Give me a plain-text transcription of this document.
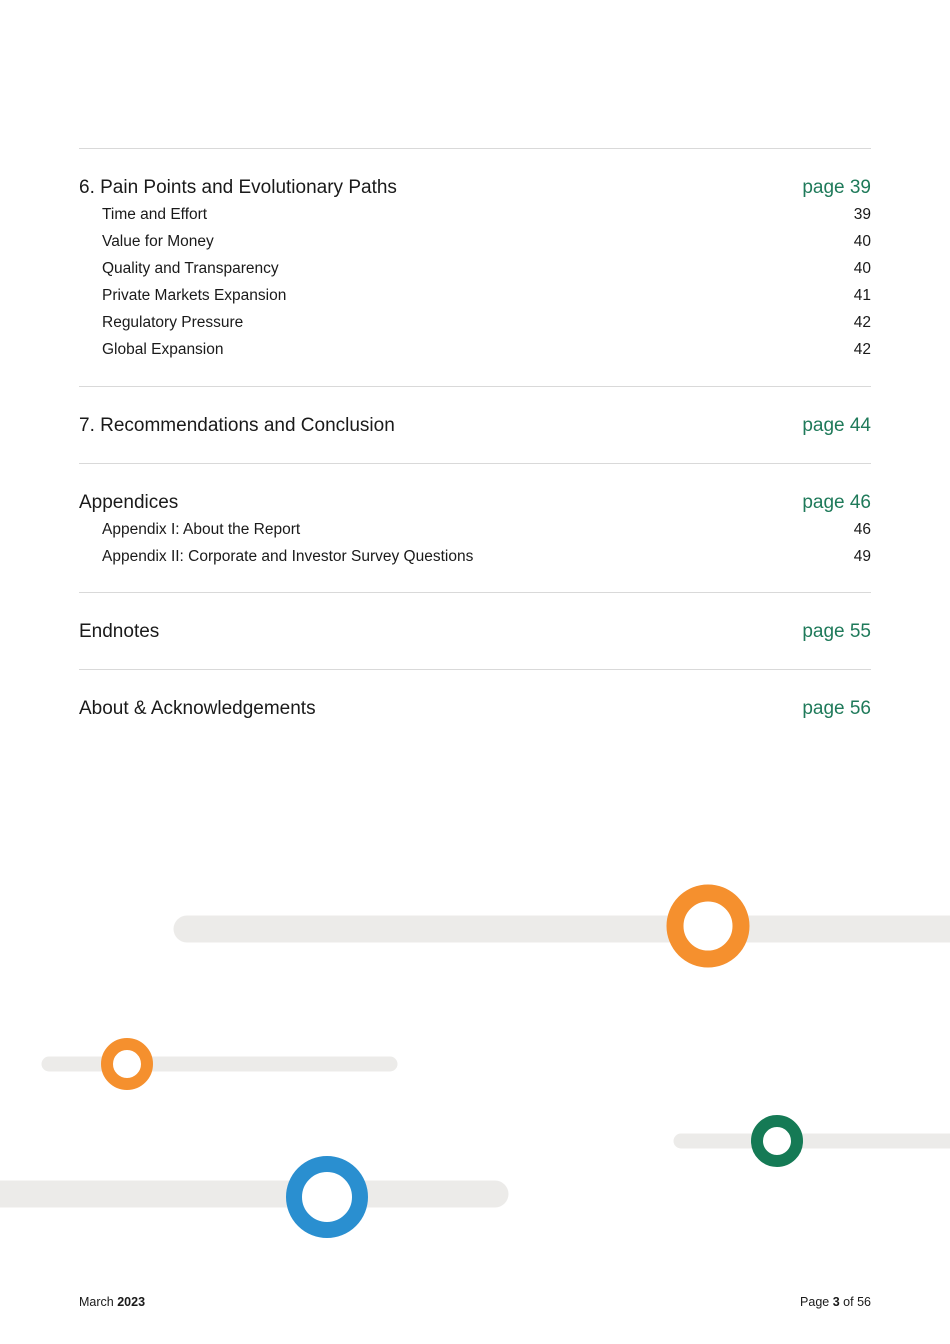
6. Pain Points and Evolutionary Paths	page 39
Time and Effort	39
Value for Money	40
Quality and Transparency	40
Private Markets Expansion	41
Regulatory Pressure	42
Global Expansion	42
7. Recommendations and Conclusion	page 44
Appendices	page 46
Appendix I: About the Report	46
Appendix II: Corporate and Investor Survey Questions	49
Endnotes	page 55
About & Acknowledgements	page 56
March 2023	Page 3 of 56
